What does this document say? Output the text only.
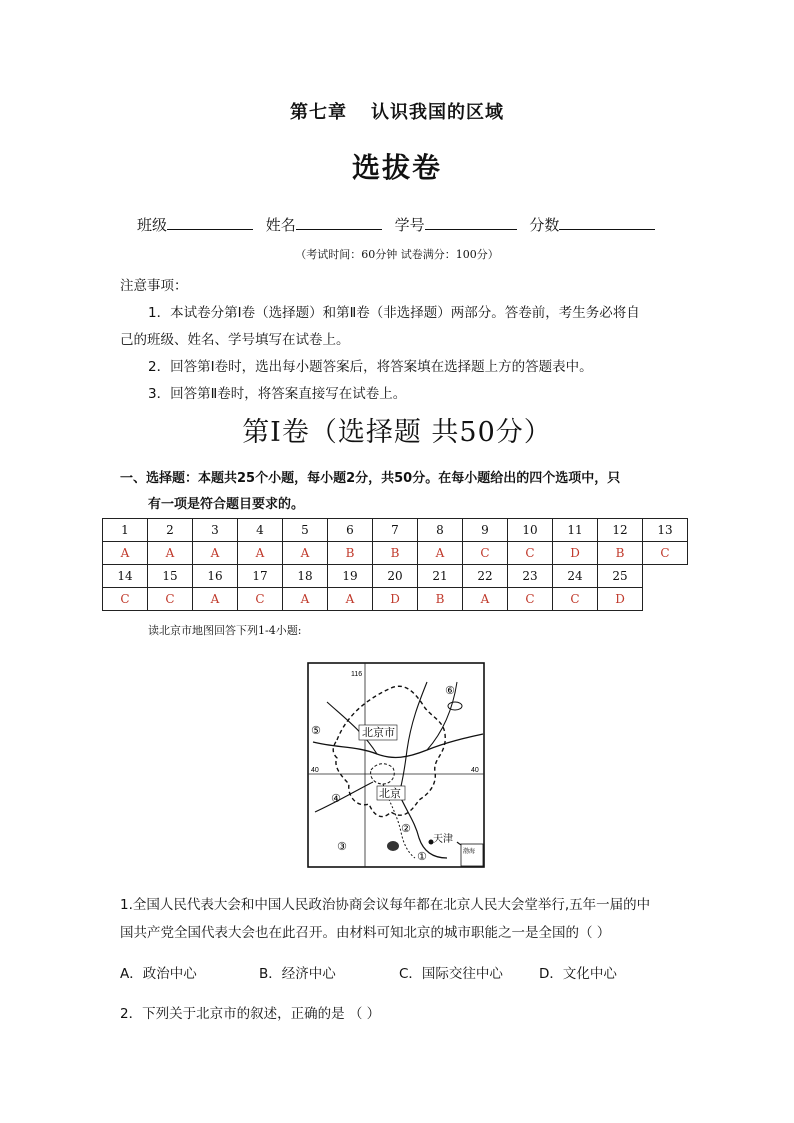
第七章 认识我国的区域
选拔卷
班级	姓名	学号	分数
（考试时间：60分钟 试卷满分：100分）
注意事项：
1．本试卷分第Ⅰ卷（选择题）和第Ⅱ卷（非选择题）两部分。答卷前，考生务必将自
己的班级、姓名、学号填写在试卷上。
2．回答第Ⅰ卷时，选出每小题答案后，将答案填在选择题上方的答题表中。
3．回答第Ⅱ卷时，将答案直接写在试卷上。
第Ⅰ卷（选择题 共50分）
一、选择题：本题共25个小题，每小题2分，共50分。在每小题给出的四个选项中，只
有一项是符合题目要求的。
1	2	3	4	5	6	7	8	9	10	11	12	13
A	A	A	A	A	B	B	A	C	C	D	B	C
14	15	16	17	18	19	20	21	22	23	24	25	
C	C	A	C	A	A	D	B	A	C	C	D	
读北京市地图回答下列1-4小题:
116
40	40
北京市
北京
天津
渤海
①
②
③
④
⑤
⑥
1.全国人民代表大会和中国人民政治协商会议每年都在北京人民大会堂举行,五年一届的中
国共产党全国代表大会也在此召开。由材料可知北京的城市职能之一是全国的（ ）
A．政治中心	B．经济中心	C．国际交往中心	D．文化中心
2．下列关于北京市的叙述，正确的是 （ ）
